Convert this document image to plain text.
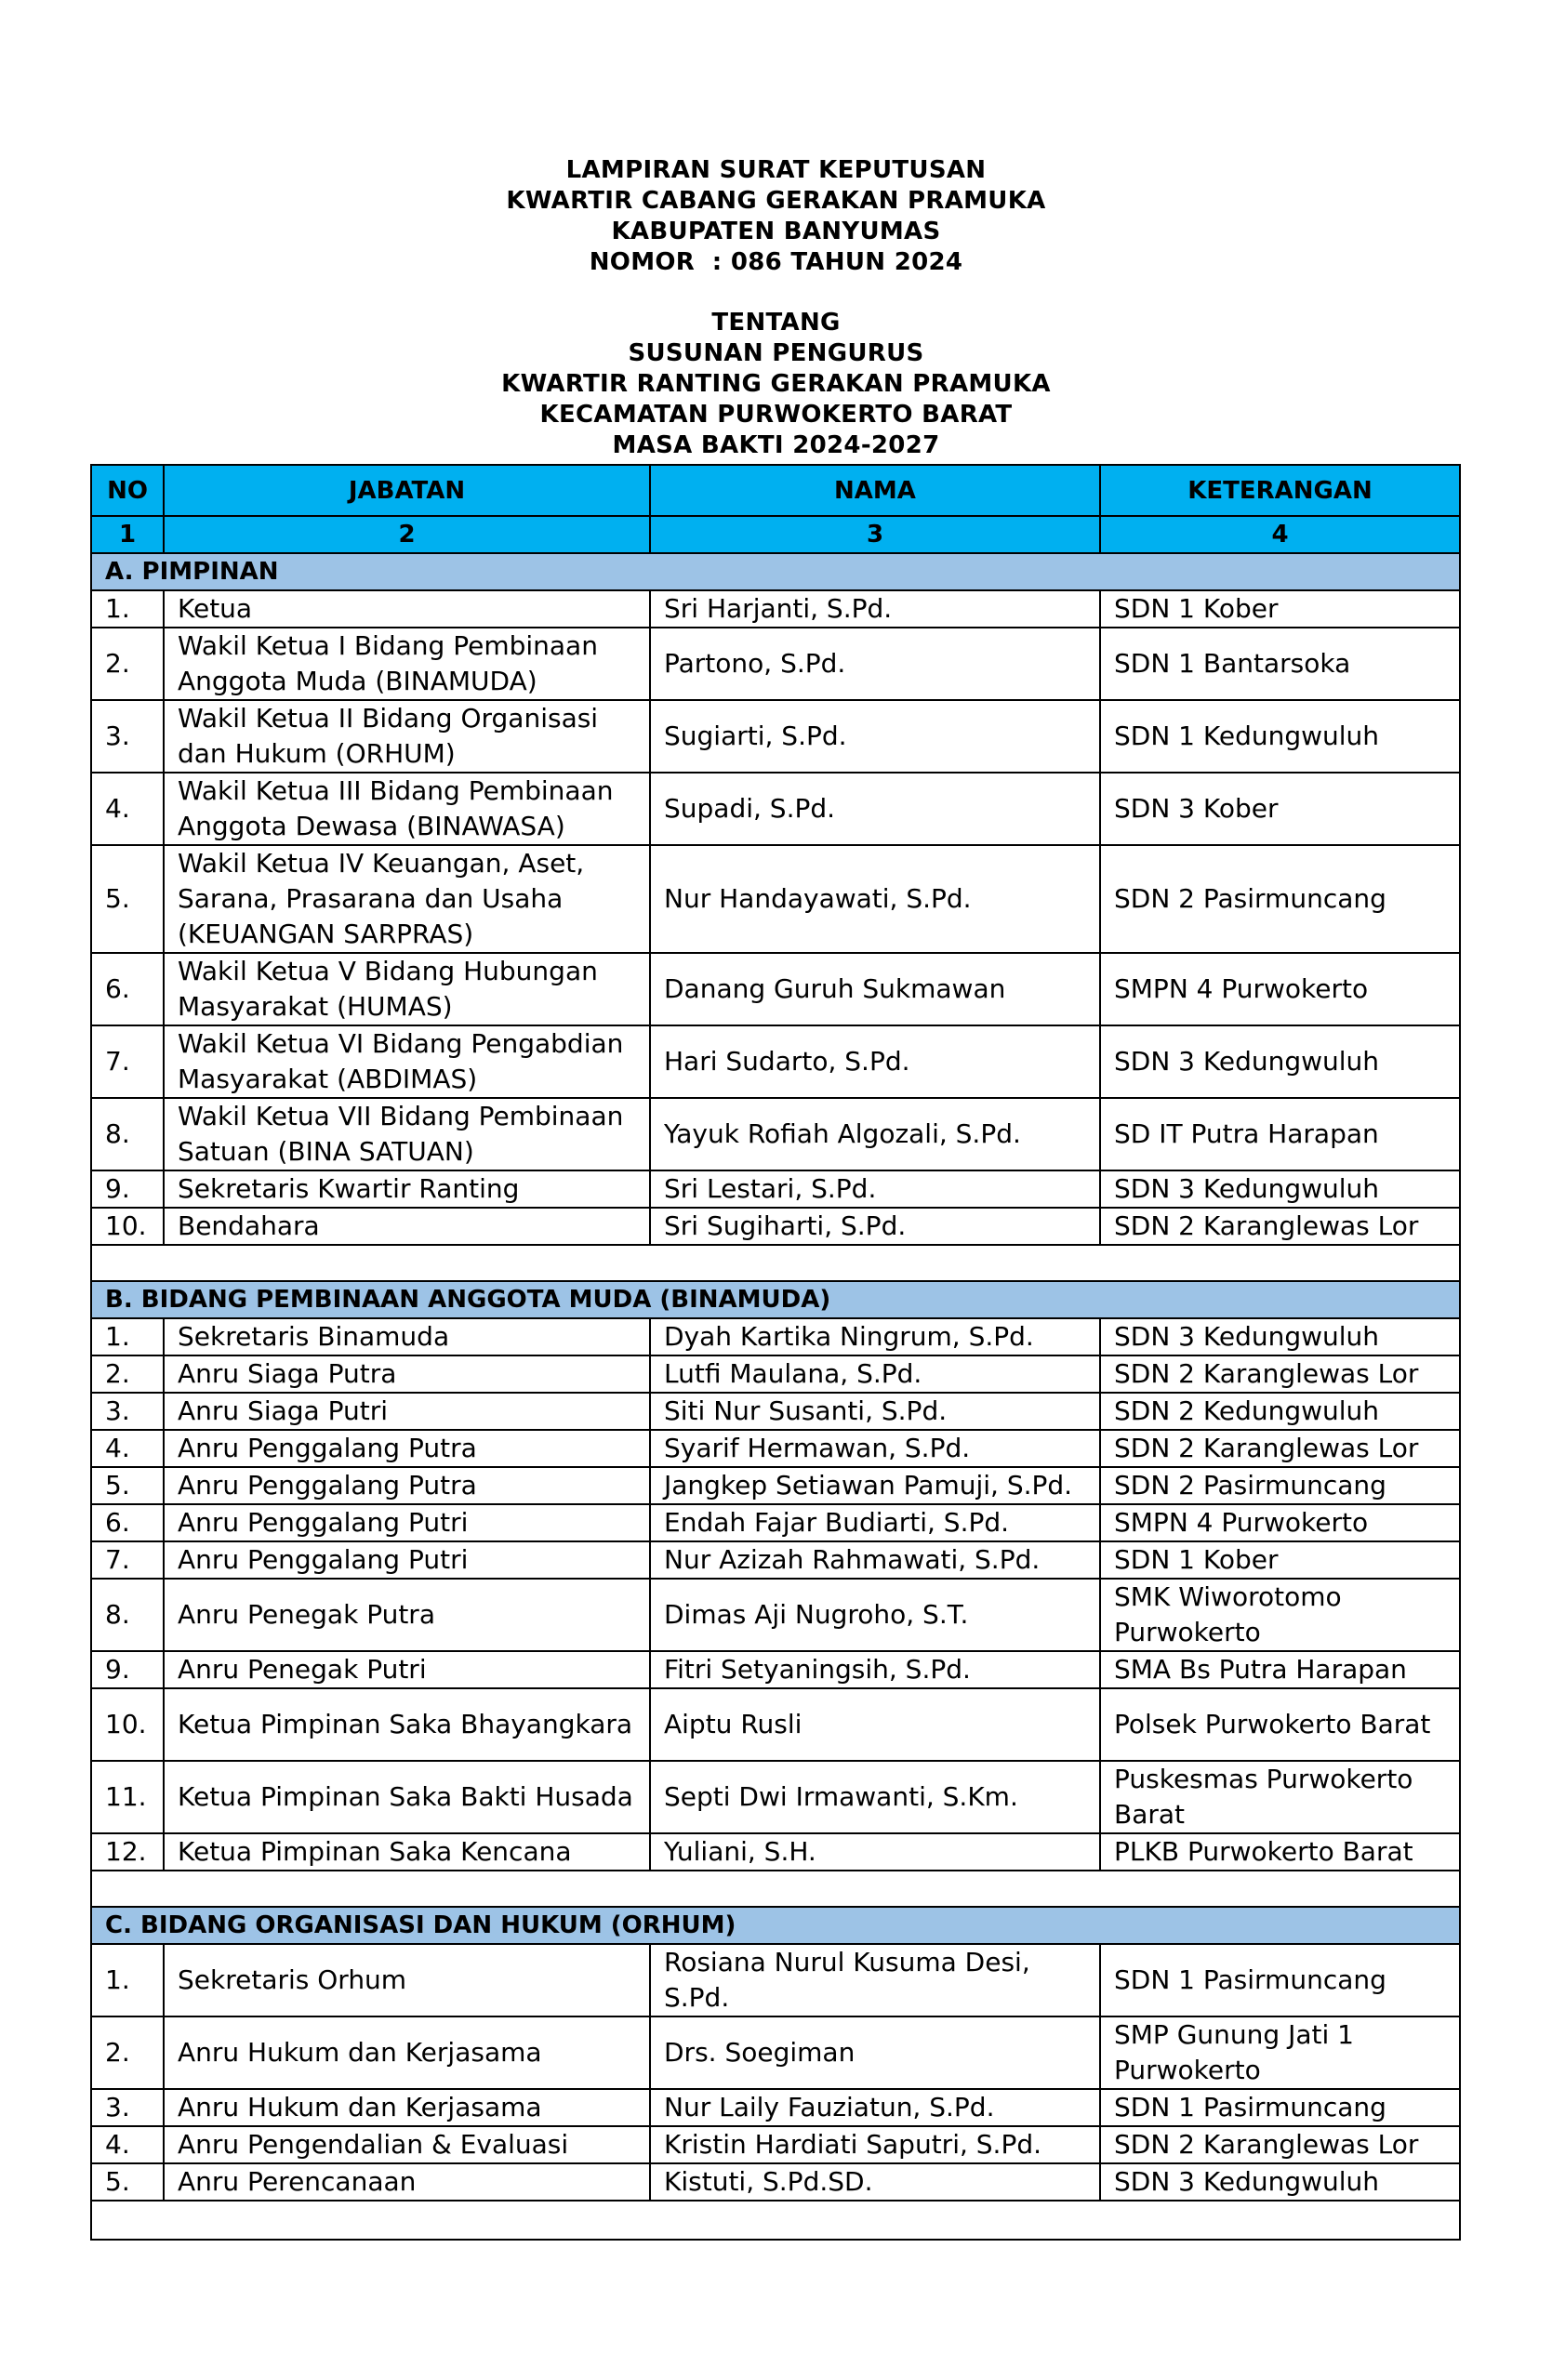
LAMPIRAN SURAT KEPUTUSAN
KWARTIR CABANG GERAKAN PRAMUKA
KABUPATEN BANYUMAS
NOMOR  : 086 TAHUN 2024
TENTANG
SUSUNAN PENGURUS
KWARTIR RANTING GERAKAN PRAMUKA
KECAMATAN PURWOKERTO BARAT
MASA BAKTI 2024-2027
NO	JABATAN	NAMA	KETERANGAN
1	2	3	4
A. PIMPINAN			
1.	Ketua	Sri Harjanti, S.Pd.	SDN 1 Kober
2.	Wakil Ketua I Bidang Pembinaan Anggota Muda (BINAMUDA)	Partono, S.Pd.	SDN 1 Bantarsoka
3.	Wakil Ketua II Bidang Organisasi dan Hukum (ORHUM)	Sugiarti, S.Pd.	SDN 1 Kedungwuluh
4.	Wakil Ketua III Bidang Pembinaan Anggota Dewasa (BINAWASA)	Supadi, S.Pd.	SDN 3 Kober
5.	Wakil Ketua IV Keuangan, Aset, Sarana, Prasarana dan Usaha (KEUANGAN SARPRAS)	Nur Handayawati, S.Pd.	SDN 2 Pasirmuncang
6.	Wakil Ketua V Bidang Hubungan Masyarakat (HUMAS)	Danang Guruh Sukmawan	SMPN 4 Purwokerto
7.	Wakil Ketua VI Bidang Pengabdian Masyarakat (ABDIMAS)	Hari Sudarto, S.Pd.	SDN 3 Kedungwuluh
8.	Wakil Ketua VII Bidang Pembinaan Satuan (BINA SATUAN)	Yayuk Rofiah Algozali, S.Pd.	SD IT Putra Harapan
9.	Sekretaris Kwartir Ranting	Sri Lestari, S.Pd.	SDN 3 Kedungwuluh
10.	Bendahara	Sri Sugiharti, S.Pd.	SDN 2 Karanglewas Lor

B. BIDANG PEMBINAAN ANGGOTA MUDA (BINAMUDA)			
1.	Sekretaris Binamuda	Dyah Kartika Ningrum, S.Pd.	SDN 3 Kedungwuluh
2.	Anru Siaga Putra	Lutfi Maulana, S.Pd.	SDN 2 Karanglewas Lor
3.	Anru Siaga Putri	Siti Nur Susanti, S.Pd.	SDN 2 Kedungwuluh
4.	Anru Penggalang Putra	Syarif Hermawan, S.Pd.	SDN 2 Karanglewas Lor
5.	Anru Penggalang Putra	Jangkep Setiawan Pamuji, S.Pd.	SDN 2 Pasirmuncang
6.	Anru Penggalang Putri	Endah Fajar Budiarti, S.Pd.	SMPN 4 Purwokerto
7.	Anru Penggalang Putri	Nur Azizah Rahmawati, S.Pd.	SDN 1 Kober
8.	Anru Penegak Putra	Dimas Aji Nugroho, S.T.	SMK Wiworotomo Purwokerto
9.	Anru Penegak Putri	Fitri Setyaningsih, S.Pd.	SMA Bs Putra Harapan
10.	Ketua Pimpinan Saka Bhayangkara	Aiptu Rusli	Polsek Purwokerto Barat
11.	Ketua Pimpinan Saka Bakti Husada	Septi Dwi Irmawanti, S.Km.	Puskesmas Purwokerto Barat
12.	Ketua Pimpinan Saka Kencana	Yuliani, S.H.	PLKB Purwokerto Barat

C. BIDANG ORGANISASI DAN HUKUM (ORHUM)			
1.	Sekretaris Orhum	Rosiana Nurul Kusuma Desi, S.Pd.	SDN 1 Pasirmuncang
2.	Anru Hukum dan Kerjasama	Drs. Soegiman	SMP Gunung Jati 1 Purwokerto
3.	Anru Hukum dan Kerjasama	Nur Laily Fauziatun, S.Pd.	SDN 1 Pasirmuncang
4.	Anru Pengendalian & Evaluasi	Kristin Hardiati Saputri, S.Pd.	SDN 2 Karanglewas Lor
5.	Anru Perencanaan	Kistuti, S.Pd.SD.	SDN 3 Kedungwuluh
